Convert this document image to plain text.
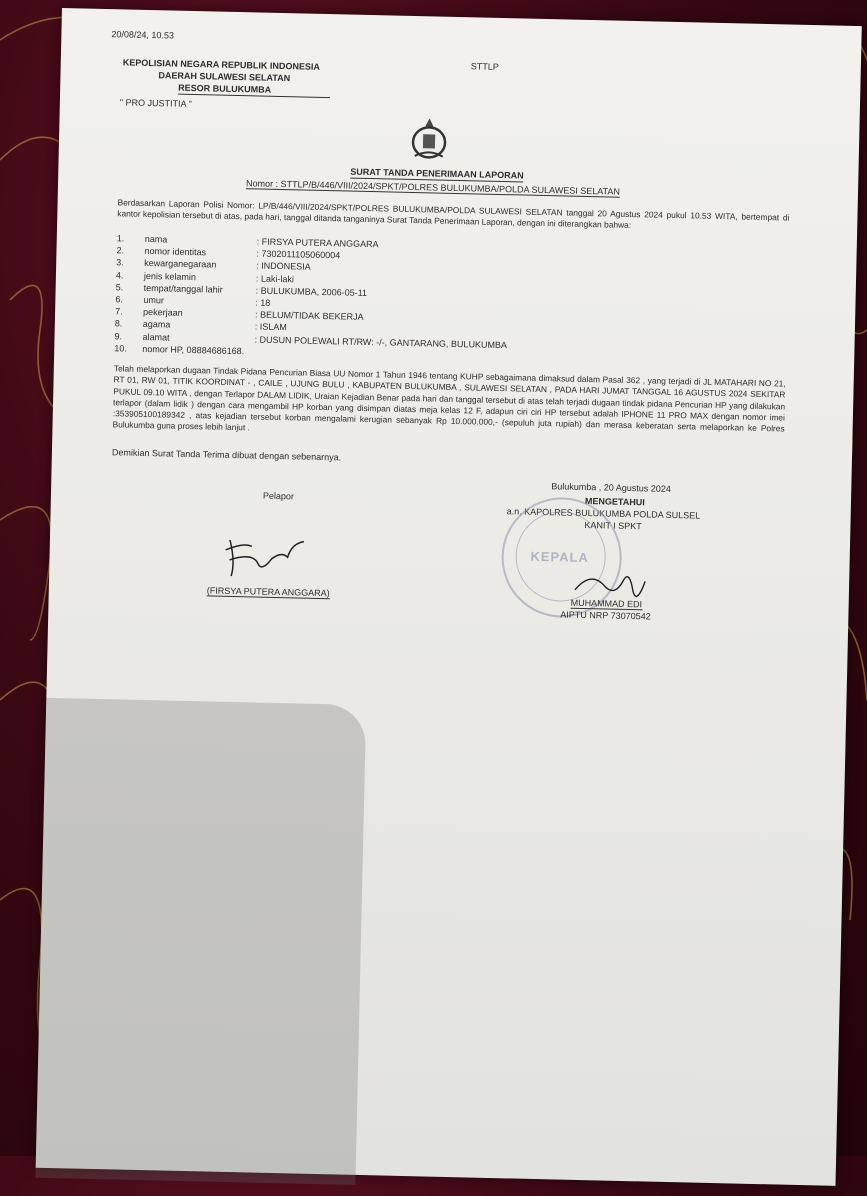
20/08/24, 10.53
STTLP
KEPOLISIAN NEGARA REPUBLIK INDONESIA
DAERAH SULAWESI SELATAN
RESOR BULUKUMBA
" PRO JUSTITIA "
SURAT TANDA PENERIMAAN LAPORAN
Nomor : STTLP/B/446/VIII/2024/SPKT/POLRES BULUKUMBA/POLDA SULAWESI SELATAN
Berdasarkan Laporan Polisi Nomor: LP/B/446/VIII/2024/SPKT/POLRES BULUKUMBA/POLDA SULAWESI SELATAN tanggal 20 Agustus 2024 pukul 10.53 WITA, bertempat di kantor kepolisian tersebut di atas, pada hari, tanggal ditanda tanganinya Surat Tanda Penerimaan Laporan, dengan ini diterangkan bahwa:
1. nama	: FIRSYA PUTERA ANGGARA
2. nomor identitas	: 7302011105060004
3. kewarganegaraan	: INDONESIA
4. jenis kelamin	: Laki-laki
5. tempat/tanggal lahir	: BULUKUMBA, 2006-05-11
6. umur	: 18
7. pekerjaan	: BELUM/TIDAK BEKERJA
8. agama	: ISLAM
9. alamat	: DUSUN POLEWALI RT/RW: -/-, GANTARANG, BULUKUMBA
10. nomor HP, 08884686168.
Telah melaporkan dugaan Tindak Pidana Pencurian Biasa UU Nomor 1 Tahun 1946 tentang KUHP sebagaimana dimaksud dalam Pasal 362 , yang terjadi di JL MATAHARI NO 21, RT 01, RW 01, TITIK KOORDINAT - , CAILE , UJUNG BULU , KABUPATEN BULUKUMBA , SULAWESI SELATAN , PADA HARI JUMAT TANGGAL 16 AGUSTUS 2024 SEKITAR PUKUL 09.10 WITA , dengan Terlapor DALAM LIDIK, Uraian Kejadian Benar pada hari dan tanggal tersebut di atas telah terjadi dugaan tindak pidana Pencurian HP yang dilakukan terlapor (dalam lidik ) dengan cara mengambil HP korban yang disimpan diatas meja kelas 12 F, adapun ciri ciri HP tersebut adalah IPHONE 11 PRO MAX dengan nomor imei :353905100189342 , atas kejadian tersebut korban mengalami kerugian sebanyak Rp 10.000.000,- (sepuluh juta rupiah) dan merasa keberatan serta melaporkan ke Polres Bulukumba guna proses lebih lanjut .
Demikian Surat Tanda Terima dibuat dengan sebenarnya.
Bulukumba , 20 Agustus 2024
Pelapor	MENGETAHUI
a.n. KAPOLRES BULUKUMBA POLDA SULSEL
KANIT I SPKT
(FIRSYA PUTERA ANGGARA)
KEPALA
MUHAMMAD EDI
AIPTU NRP 73070542
